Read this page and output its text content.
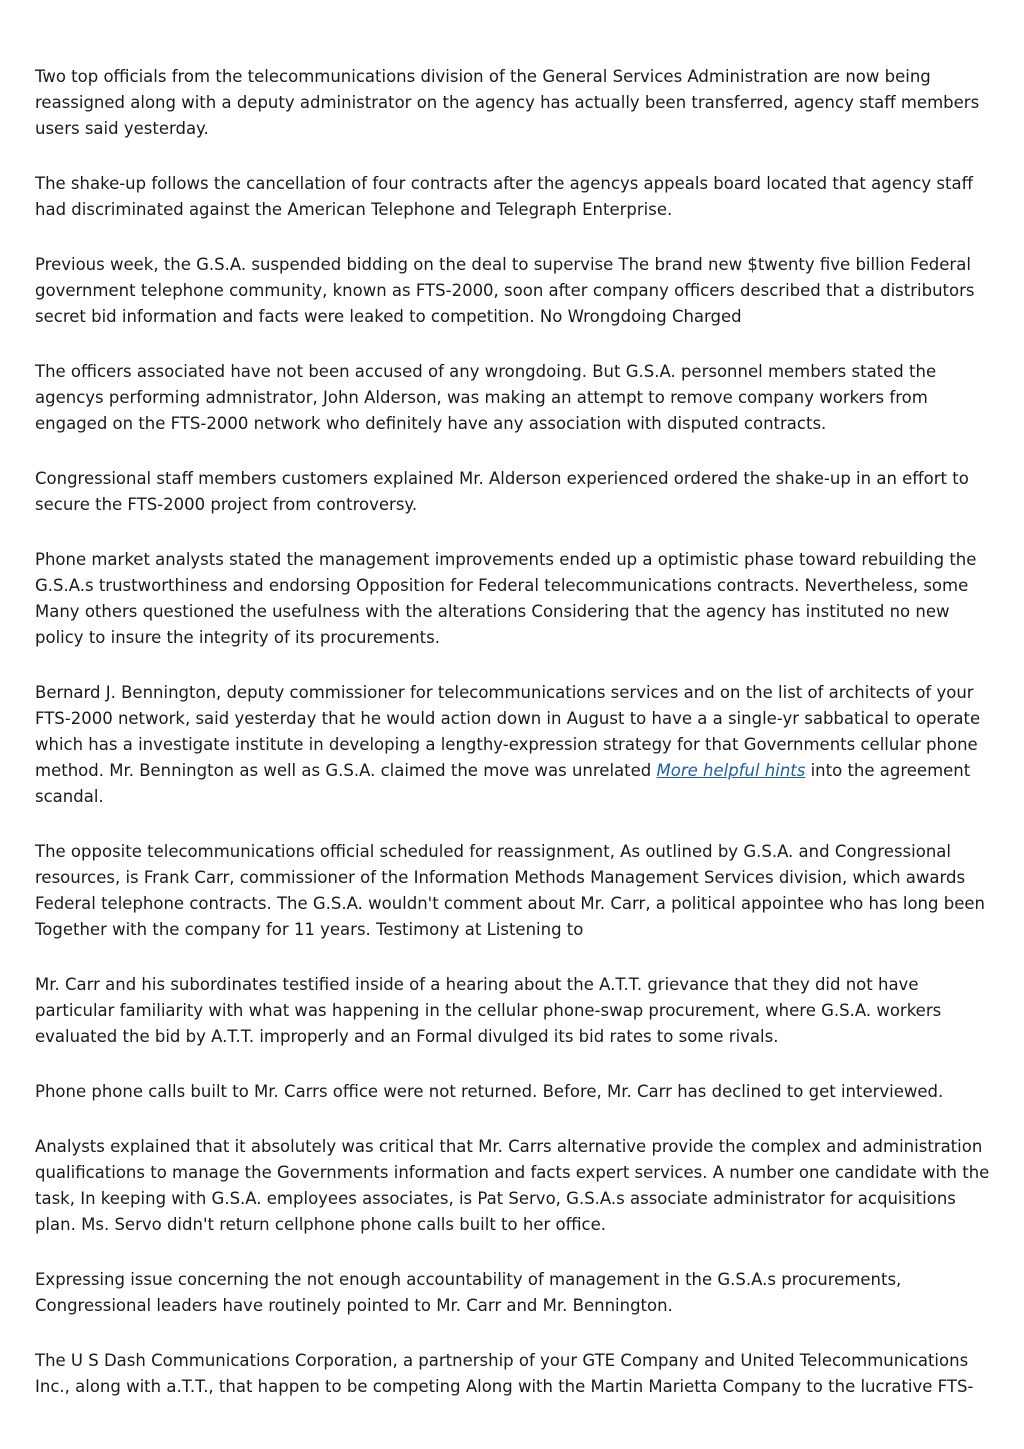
Two top officials from the telecommunications division of the General Services Administration are now being reassigned along with a deputy administrator on the agency has actually been transferred, agency staff members users said yesterday.

The shake-up follows the cancellation of four contracts after the agencys appeals board located that agency staff had discriminated against the American Telephone and Telegraph Enterprise.

Previous week, the G.S.A. suspended bidding on the deal to supervise The brand new $twenty five billion Federal government telephone community, known as FTS-2000, soon after company officers described that a distributors secret bid information and facts were leaked to competition. No Wrongdoing Charged

The officers associated have not been accused of any wrongdoing. But G.S.A. personnel members stated the agencys performing admnistrator, John Alderson, was making an attempt to remove company workers from engaged on the FTS-2000 network who definitely have any association with disputed contracts.

Congressional staff members customers explained Mr. Alderson experienced ordered the shake-up in an effort to secure the FTS-2000 project from controversy.

Phone market analysts stated the management improvements ended up a optimistic phase toward rebuilding the G.S.A.s trustworthiness and endorsing Opposition for Federal telecommunications contracts. Nevertheless, some Many others questioned the usefulness with the alterations Considering that the agency has instituted no new policy to insure the integrity of its procurements.

Bernard J. Bennington, deputy commissioner for telecommunications services and on the list of architects of your FTS-2000 network, said yesterday that he would action down in August to have a a single-yr sabbatical to operate which has a investigate institute in developing a lengthy-expression strategy for that Governments cellular phone method. Mr. Bennington as well as G.S.A. claimed the move was unrelated More helpful hints into the agreement scandal.

The opposite telecommunications official scheduled for reassignment, As outlined by G.S.A. and Congressional resources, is Frank Carr, commissioner of the Information Methods Management Services division, which awards Federal telephone contracts. The G.S.A. wouldn't comment about Mr. Carr, a political appointee who has long been Together with the company for 11 years. Testimony at Listening to

Mr. Carr and his subordinates testified inside of a hearing about the A.T.T. grievance that they did not have particular familiarity with what was happening in the cellular phone-swap procurement, where G.S.A. workers evaluated the bid by A.T.T. improperly and an Formal divulged its bid rates to some rivals.

Phone phone calls built to Mr. Carrs office were not returned. Before, Mr. Carr has declined to get interviewed.

Analysts explained that it absolutely was critical that Mr. Carrs alternative provide the complex and administration qualifications to manage the Governments information and facts expert services. A number one candidate with the task, In keeping with G.S.A. employees associates, is Pat Servo, G.S.A.s associate administrator for acquisitions plan. Ms. Servo didn't return cellphone phone calls built to her office.

Expressing issue concerning the not enough accountability of management in the G.S.A.s procurements, Congressional leaders have routinely pointed to Mr. Carr and Mr. Bennington.

The U S Dash Communications Corporation, a partnership of your GTE Company and United Telecommunications Inc., along with a.T.T., that happen to be competing Along with the Martin Marietta Company to the lucrative FTS-
